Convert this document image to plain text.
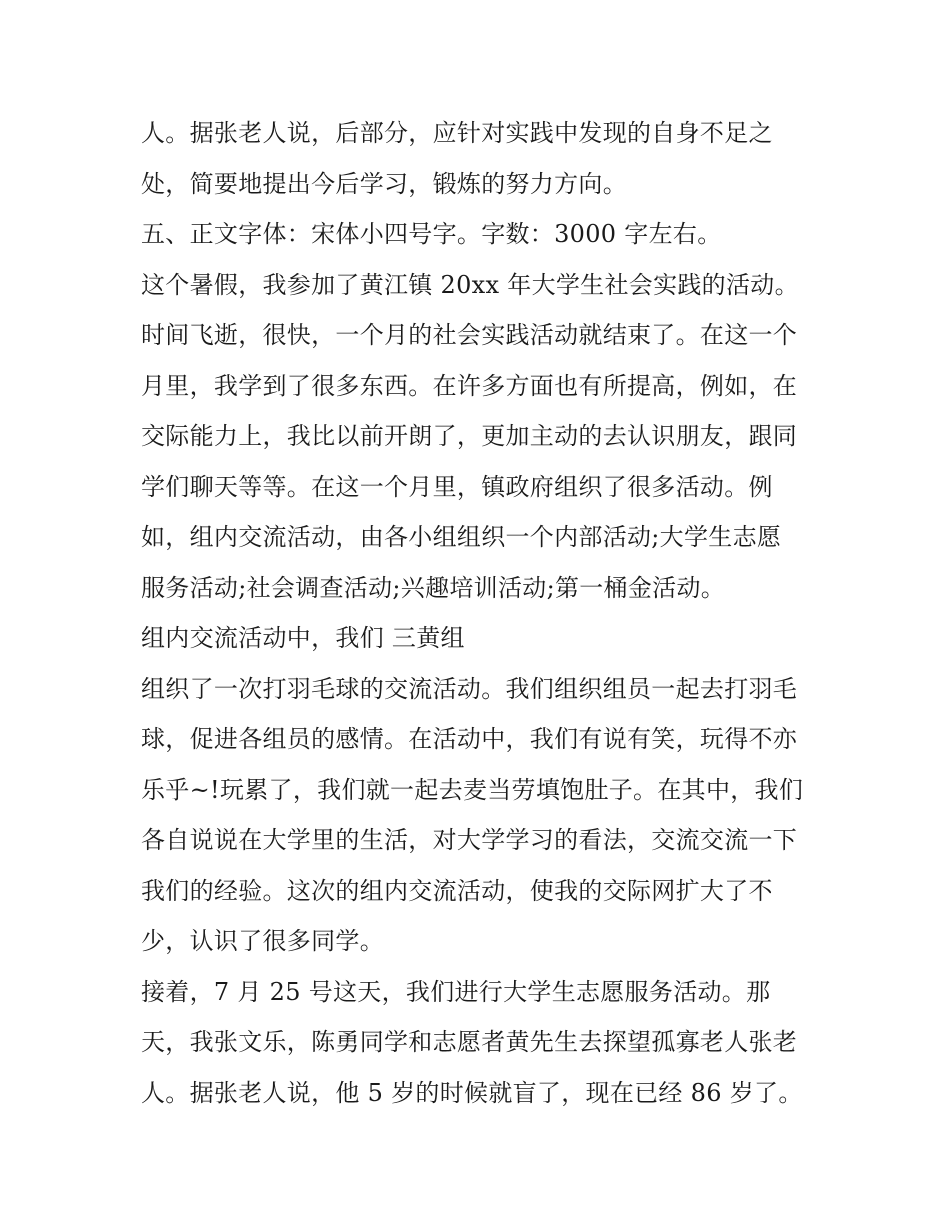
人。据张老人说，后部分，应针对实践中发现的自身不足之
处，简要地提出今后学习，锻炼的努力方向。
五、正文字体：宋体小四号字。字数：3000 字左右。
这个暑假，我参加了黄江镇 20xx 年大学生社会实践的活动。
时间飞逝，很快，一个月的社会实践活动就结束了。在这一个
月里，我学到了很多东西。在许多方面也有所提高，例如，在
交际能力上，我比以前开朗了，更加主动的去认识朋友，跟同
学们聊天等等。在这一个月里，镇政府组织了很多活动。例
如，组内交流活动，由各小组组织一个内部活动;大学生志愿
服务活动;社会调查活动;兴趣培训活动;第一桶金活动。
组内交流活动中，我们 三黄组
组织了一次打羽毛球的交流活动。我们组织组员一起去打羽毛
球，促进各组员的感情。在活动中，我们有说有笑，玩得不亦
乐乎~!玩累了，我们就一起去麦当劳填饱肚子。在其中，我们
各自说说在大学里的生活，对大学学习的看法，交流交流一下
我们的经验。这次的组内交流活动，使我的交际网扩大了不
少，认识了很多同学。
接着，7 月 25 号这天，我们进行大学生志愿服务活动。那
天，我张文乐，陈勇同学和志愿者黄先生去探望孤寡老人张老
人。据张老人说，他 5 岁的时候就盲了，现在已经 86 岁了。
